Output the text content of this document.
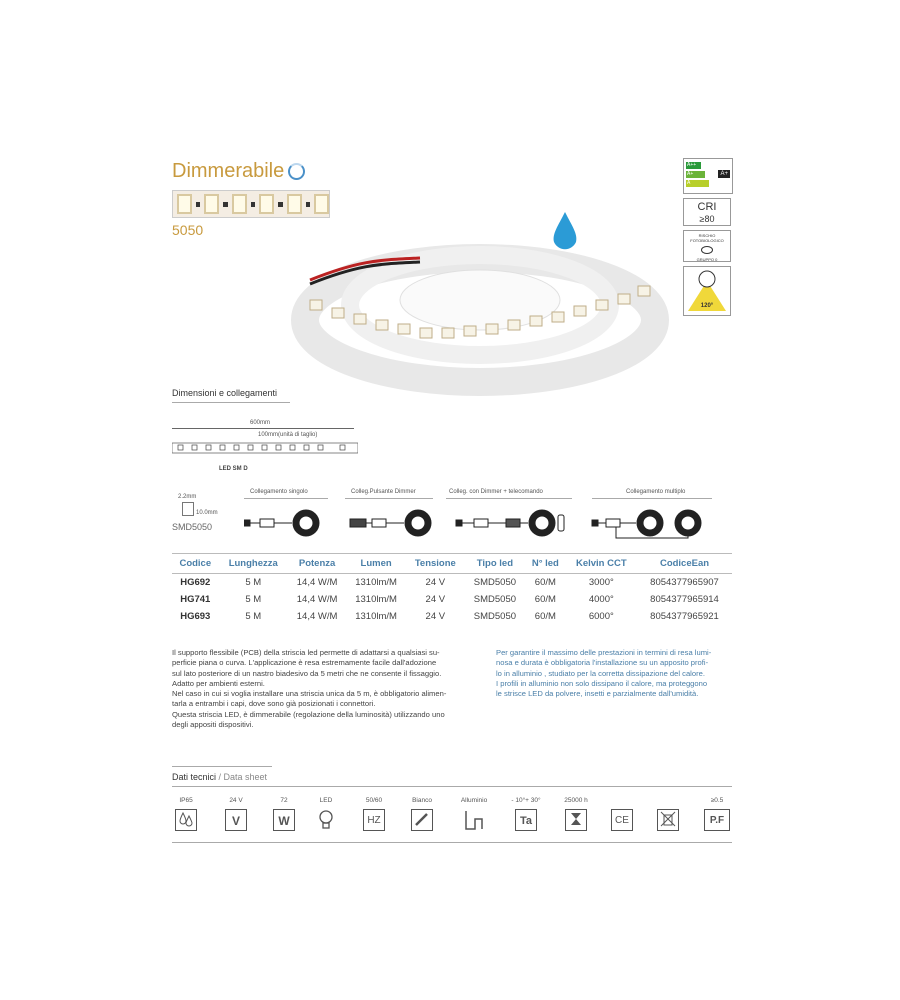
Dimmerabile
5050
A++
A+
A
A+
CRI
≥80
RISCHIO FOTOBIOLOGICO
GRUPPO 0
120°
Dimensioni e collegamenti
600mm
100mm(unità di taglio)
LED SM D
2.2mm
10.0mm
SMD5050
Collegamento singolo	Colleg.Pulsante Dimmer	Colleg. con Dimmer + telecomando	Collegamento multiplo
Codice	Lunghezza	Potenza	Lumen	Tensione	Tipo led	N° led	Kelvin CCT	CodiceEan
HG692	5 M	14,4 W/M	1310lm/M	24 V	SMD5050	60/M	3000°	8054377965907
HG741	5 M	14,4 W/M	1310lm/M	24 V	SMD5050	60/M	4000°	8054377965914
HG693	5 M	14,4 W/M	1310lm/M	24 V	SMD5050	60/M	6000°	8054377965921
Il supporto flessibile (PCB) della striscia led permette di adattarsi a qualsiasi su-
perficie piana o curva. L'applicazione è resa estremamente facile dall'adozione
sul lato posteriore di un nastro biadesivo da 5 metri che ne consente il fissaggio.
Adatto per ambienti esterni.
Nel caso in cui si voglia installare una striscia unica da 5 m, è obbligatorio alimen-
tarla a entrambi i capi, dove sono già posizionati i connettori.
Questa striscia LED, è dimmerabile (regolazione della luminosità) utilizzando uno
degli appositi dispositivi.
Per garantire il massimo delle prestazioni in termini di resa lumi-
nosa e durata è obbligatoria l'installazione su un apposito profi-
lo in alluminio , studiato per la corretta dissipazione del calore.
I profili in alluminio non solo dissipano il calore, ma proteggono
le strisce LED da polvere, insetti e parzialmente dall'umidità.
Dati tecnici / Data sheet
IP65	24 V
V
72
W
LED	50/60
HZ
Bianco	Alluminio	- 10°+ 30°
Ta
25000 h
CE
≥0.5
P.F
